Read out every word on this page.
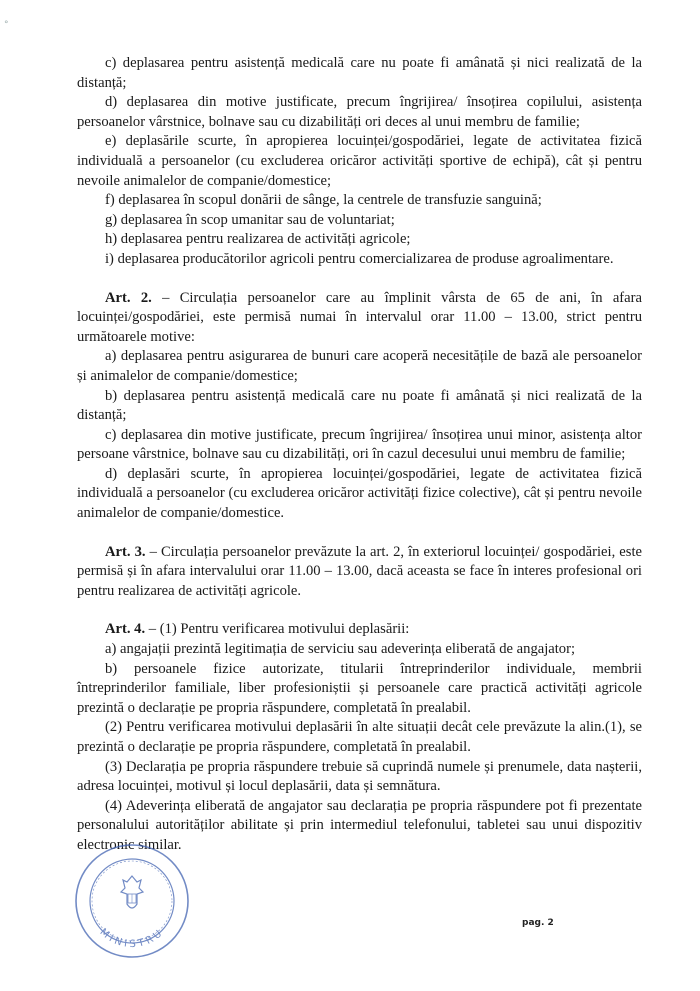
°

c) deplasarea pentru asistență medicală care nu poate fi amânată și nici realizată de la distanță;

d) deplasarea din motive justificate, precum îngrijirea/ însoțirea copilului, asistența persoanelor vârstnice, bolnave sau cu dizabilități ori deces al unui membru de familie;

e) deplasările scurte, în apropierea locuinței/gospodăriei, legate de activitatea fizică individuală a persoanelor (cu excluderea oricăror activități sportive de echipă), cât și pentru nevoile animalelor de companie/domestice;

f) deplasarea în scopul donării de sânge, la centrele de transfuzie sanguină;

g) deplasarea în scop umanitar sau de voluntariat;

h) deplasarea pentru realizarea de activități agricole;

i) deplasarea producătorilor agricoli pentru comercializarea de produse agroalimentare.

Art. 2. – Circulația persoanelor care au împlinit vârsta de 65 de ani, în afara locuinței/gospodăriei, este permisă numai în intervalul orar 11.00 – 13.00, strict pentru următoarele motive:

a) deplasarea pentru asigurarea de bunuri care acoperă necesitățile de bază ale persoanelor și animalelor de companie/domestice;

b) deplasarea pentru asistență medicală care nu poate fi amânată și nici realizată de la distanță;

c) deplasarea din motive justificate, precum îngrijirea/ însoțirea unui minor, asistența altor persoane vârstnice, bolnave sau cu dizabilități, ori în cazul decesului unui membru de familie;

d) deplasări scurte, în apropierea locuinței/gospodăriei, legate de activitatea fizică individuală a persoanelor (cu excluderea oricăror activități fizice colective), cât și pentru nevoile animalelor de companie/domestice.

Art. 3. – Circulația persoanelor prevăzute la art. 2, în exteriorul locuinței/ gospodăriei, este permisă și în afara intervalului orar 11.00 – 13.00, dacă aceasta se face în interes profesional ori pentru realizarea de activități agricole.

Art. 4. – (1) Pentru verificarea motivului deplasării:

a) angajații prezintă legitimația de serviciu sau adeverința eliberată de angajator;

b) persoanele fizice autorizate, titularii întreprinderilor individuale, membrii întreprinderilor familiale, liber profesioniștii și persoanele care practică activități agricole prezintă o declarație pe propria răspundere, completată în prealabil.

(2) Pentru verificarea motivului deplasării în alte situații decât cele prevăzute la alin.(1), se prezintă o declarație pe propria răspundere, completată în prealabil.

(3) Declarația pe propria răspundere trebuie să cuprindă numele și prenumele, data nașterii, adresa locuinței, motivul și locul deplasării, data și semnătura.

(4) Adeverința eliberată de angajator sau declarația pe propria răspundere pot fi prezentate personalului autorităților abilitate și prin intermediul telefonului, tabletei sau unui dispozitiv electronic similar.

MINISTRU
pag. 2
